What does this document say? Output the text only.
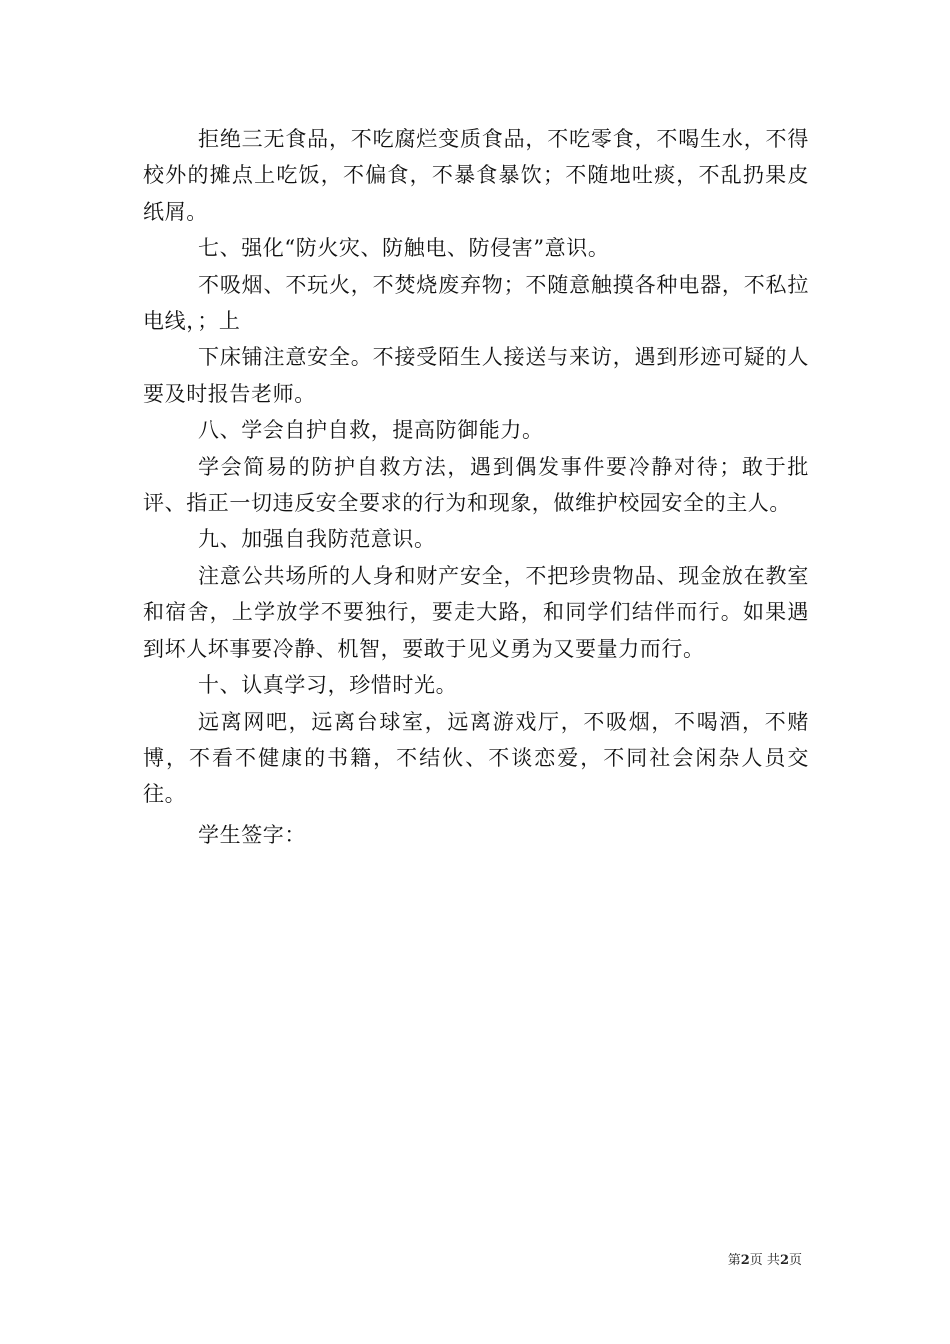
拒绝三无食品，不吃腐烂变质食品，不吃零食，不喝生水，不得校外的摊点上吃饭，不偏食，不暴食暴饮；不随地吐痰，不乱扔果皮纸屑。

七、强化“防火灾、防触电、防侵害”意识。

不吸烟、不玩火，不焚烧废弃物；不随意触摸各种电器，不私拉电线，；上

下床铺注意安全。不接受陌生人接送与来访，遇到形迹可疑的人要及时报告老师。

八、学会自护自救，提高防御能力。

学会简易的防护自救方法，遇到偶发事件要冷静对待；敢于批评、指正一切违反安全要求的行为和现象，做维护校园安全的主人。

九、加强自我防范意识。

注意公共场所的人身和财产安全，不把珍贵物品、现金放在教室和宿舍，上学放学不要独行，要走大路，和同学们结伴而行。如果遇到坏人坏事要冷静、机智，要敢于见义勇为又要量力而行。

十、认真学习，珍惜时光。

远离网吧，远离台球室，远离游戏厅，不吸烟，不喝酒，不赌博，不看不健康的书籍，不结伙、不谈恋爱，不同社会闲杂人员交往。

学生签字：

第2页 共2页
